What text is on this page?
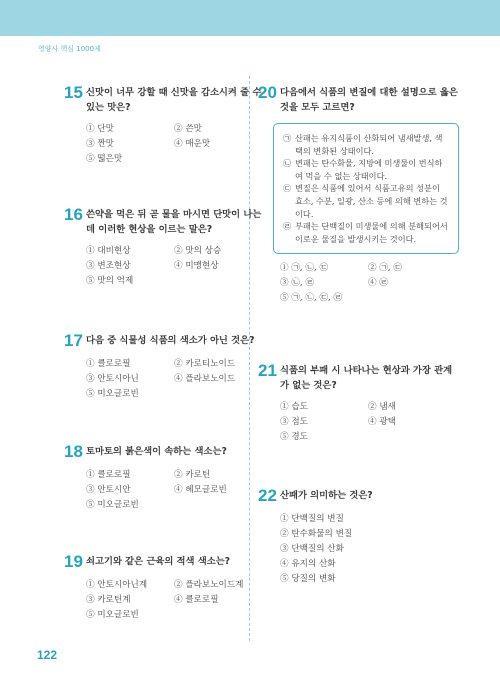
영양사 핵심 1000제
15 신맛이 너무 강할 때 신맛을 감소시켜 줄 수 있는 맛은?
① 단맛	② 쓴맛
③ 짠맛	④ 매운맛
⑤ 떫은맛
16 쓴약을 먹은 뒤 곧 물을 마시면 단맛이 나는데 이러한 현상을 이르는 말은?
① 대비현상	② 맛의 상승
③ 변조현상	④ 미맹현상
⑤ 맛의 억제
17 다음 중 식물성 식품의 색소가 아닌 것은?
① 클로로필	② 카로티노이드
③ 안토시아닌	④ 플라보노이드
⑤ 미오글로빈
18 토마토의 붉은색이 속하는 색소는?
① 클로로필	② 카로틴
③ 안토시안	④ 헤모글로빈
⑤ 미오글로빈
19 쇠고기와 같은 근육의 적색 색소는?
① 안토시아닌계	② 플라보노이드계
③ 카로틴계	④ 클로로필
⑤ 미오글로빈
20 다음에서 식품의 변질에 대한 설명으로 옳은 것을 모두 고르면?
㉠ 산패는 유지식품이 산화되어 냄새발생, 색택의 변화된 상태이다.
㉡ 변패는 탄수화물, 지방에 미생물이 번식하여 먹을 수 없는 상태이다.
㉢ 변질은 식품에 있어서 식품고유의 성분이 효소, 수분, 일광, 산소 등에 의해 변하는 것이다.
㉣ 부패는 단백질이 미생물에 의해 분해되어서 이로운 물질을 발생시키는 것이다.
① ㉠, ㉡, ㉢	② ㉠, ㉢
③ ㉡, ㉣	④ ㉣
⑤ ㉠, ㉡, ㉢, ㉣
21 식품의 부패 시 나타나는 현상과 가장 관계가 없는 것은?
① 습도	② 냄새
③ 점도	④ 광택
⑤ 경도
22 산패가 의미하는 것은?
① 단백질의 변질
② 탄수화물의 변질
③ 단백질의 산화
④ 유지의 산화
⑤ 당질의 변화
122
